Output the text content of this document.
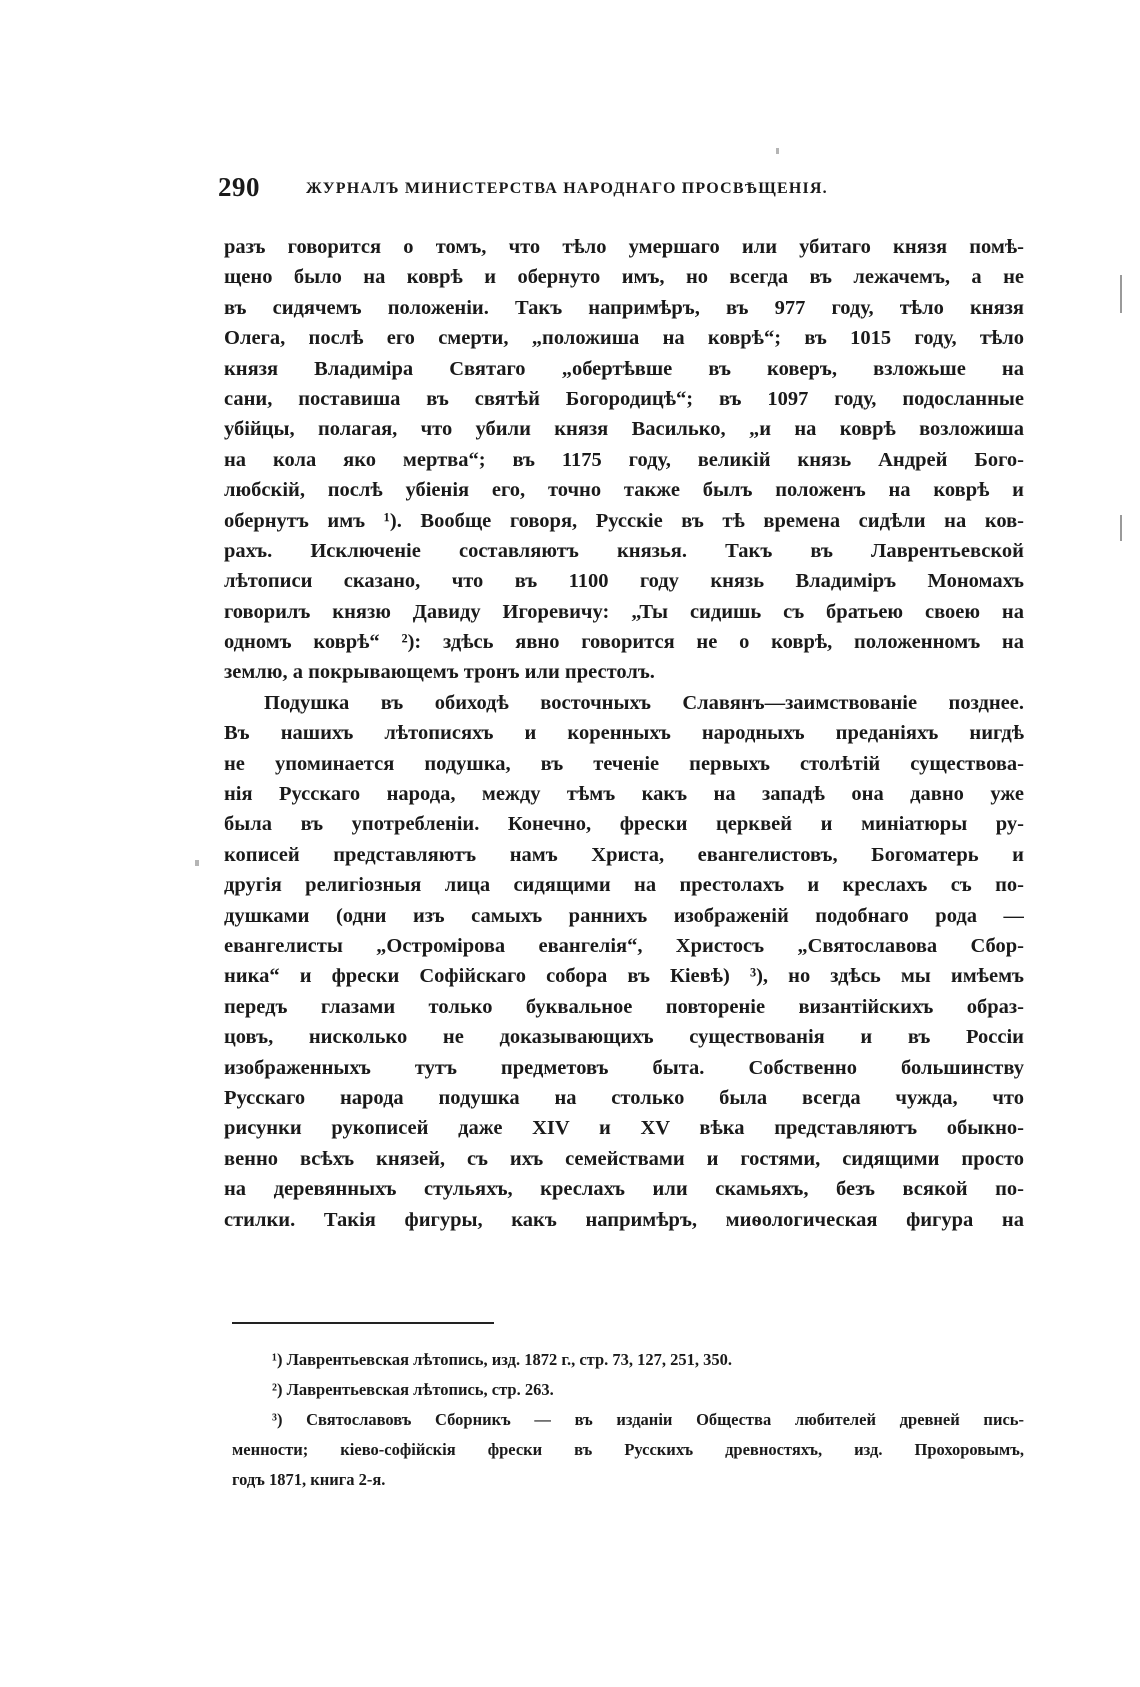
290	ЖУРНАЛЪ МИНИСТЕРСТВА НАРОДНАГО ПРОСВѢЩЕНІЯ.
разъ говорится о томъ, что тѣло умершаго или убитаго князя помѣ-
щено было на коврѣ и обернуто имъ, но всегда въ лежачемъ, а не
въ сидячемъ положеніи. Такъ напримѣръ, въ 977 году, тѣло князя
Олега, послѣ его смерти, „положиша на коврѣ“; въ 1015 году, тѣло
князя Владиміра Святаго „обертѣвше въ коверъ, взложьше на
сани, поставиша въ святѣй Богородицѣ“; въ 1097 году, подосланные
убійцы, полагая, что убили князя Василько, „и на коврѣ возложиша
на кола яко мертва“; въ 1175 году, великій князь Андрей Бого-
любскій, послѣ убіенія его, точно также былъ положенъ на коврѣ и
обернутъ имъ ¹). Вообще говоря, Русскіе въ тѣ времена сидѣли на ков-
рахъ. Исключеніе составляютъ князья. Такъ въ Лаврентьевской
лѣтописи сказано, что въ 1100 году князь Владиміръ Мономахъ
говорилъ князю Давиду Игоревичу: „Ты сидишь съ братьею своею на
одномъ коврѣ“ ²): здѣсь явно говорится не о коврѣ, положенномъ на
землю, а покрывающемъ тронъ или престолъ.
Подушка въ обиходѣ восточныхъ Славянъ—заимствованіе позднее.
Въ нашихъ лѣтописяхъ и коренныхъ народныхъ преданіяхъ нигдѣ
не упоминается подушка, въ теченіе первыхъ столѣтій существова-
нія Русскаго народа, между тѣмъ какъ на западѣ она давно уже
была въ употребленіи. Конечно, фрески церквей и миніатюры ру-
кописей представляютъ намъ Христа, евангелистовъ, Богоматерь и
другія религіозныя лица сидящими на престолахъ и креслахъ съ по-
душками (одни изъ самыхъ раннихъ изображеній подобнаго рода —
евангелисты „Остромірова евангелія“, Христосъ „Святославова Сбор-
ника“ и фрески Софійскаго собора въ Кіевѣ) ³), но здѣсь мы имѣемъ
передъ глазами только буквальное повтореніе византійскихъ образ-
цовъ, нисколько не доказывающихъ существованія и въ Россіи
изображенныхъ тутъ предметовъ быта. Собственно большинству
Русскаго народа подушка на столько была всегда чужда, что
рисунки рукописей даже XIV и XV вѣка представляютъ обыкно-
венно всѣхъ князей, съ ихъ семействами и гостями, сидящими просто
на деревянныхъ стульяхъ, креслахъ или скамьяхъ, безъ всякой по-
стилки. Такія фигуры, какъ напримѣръ, миѳологическая фигура на
¹) Лаврентьевская лѣтопись, изд. 1872 г., стр. 73, 127, 251, 350.
²) Лаврентьевская лѣтопись, стр. 263.
³) Святославовъ Сборникъ — въ изданіи Общества любителей древней пись-
менности; кіево-софійскія фрески въ Русскихъ древностяхъ, изд. Прохоровымъ,
годъ 1871, книга 2-я.
